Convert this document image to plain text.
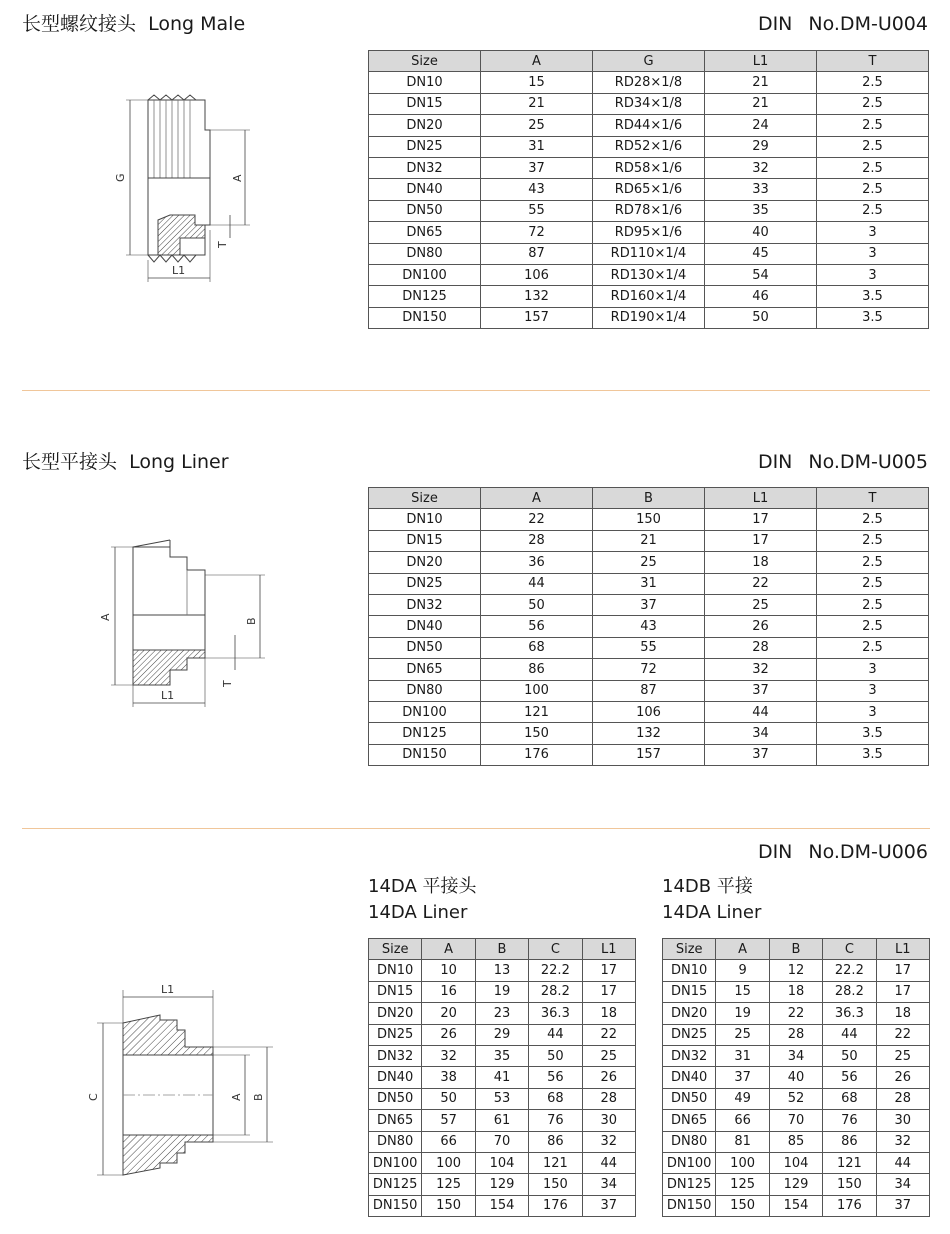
长型螺纹接头 Long Male	DIN No.DM-U004
G	A
T
L1
Size	A	G	L1	T
DN10	15	RD28×1/8	21	2.5
DN15	21	RD34×1/8	21	2.5
DN20	25	RD44×1/6	24	2.5
DN25	31	RD52×1/6	29	2.5
DN32	37	RD58×1/6	32	2.5
DN40	43	RD65×1/6	33	2.5
DN50	55	RD78×1/6	35	2.5
DN65	72	RD95×1/6	40	3
DN80	87	RD110×1/4	45	3
DN100	106	RD130×1/4	54	3
DN125	132	RD160×1/4	46	3.5
DN150	157	RD190×1/4	50	3.5
长型平接头 Long Liner	DIN No.DM-U005
A
B
T
L1
Size	A	B	L1	T
DN10	22	150	17	2.5
DN15	28	21	17	2.5
DN20	36	25	18	2.5
DN25	44	31	22	2.5
DN32	50	37	25	2.5
DN40	56	43	26	2.5
DN50	68	55	28	2.5
DN65	86	72	32	3
DN80	100	87	37	3
DN100	121	106	44	3
DN125	150	132	34	3.5
DN150	176	157	37	3.5
DIN No.DM-U006
14DA 平接头
14DA Liner
14DB 平接
14DA Liner
L1
C	A B
Size	A	B	C	L1
DN10	10	13	22.2	17
DN15	16	19	28.2	17
DN20	20	23	36.3	18
DN25	26	29	44	22
DN32	32	35	50	25
DN40	38	41	56	26
DN50	50	53	68	28
DN65	57	61	76	30
DN80	66	70	86	32
DN100	100	104	121	44
DN125	125	129	150	34
DN150	150	154	176	37
Size	A	B	C	L1
DN10	9	12	22.2	17
DN15	15	18	28.2	17
DN20	19	22	36.3	18
DN25	25	28	44	22
DN32	31	34	50	25
DN40	37	40	56	26
DN50	49	52	68	28
DN65	66	70	76	30
DN80	81	85	86	32
DN100	100	104	121	44
DN125	125	129	150	34
DN150	150	154	176	37
